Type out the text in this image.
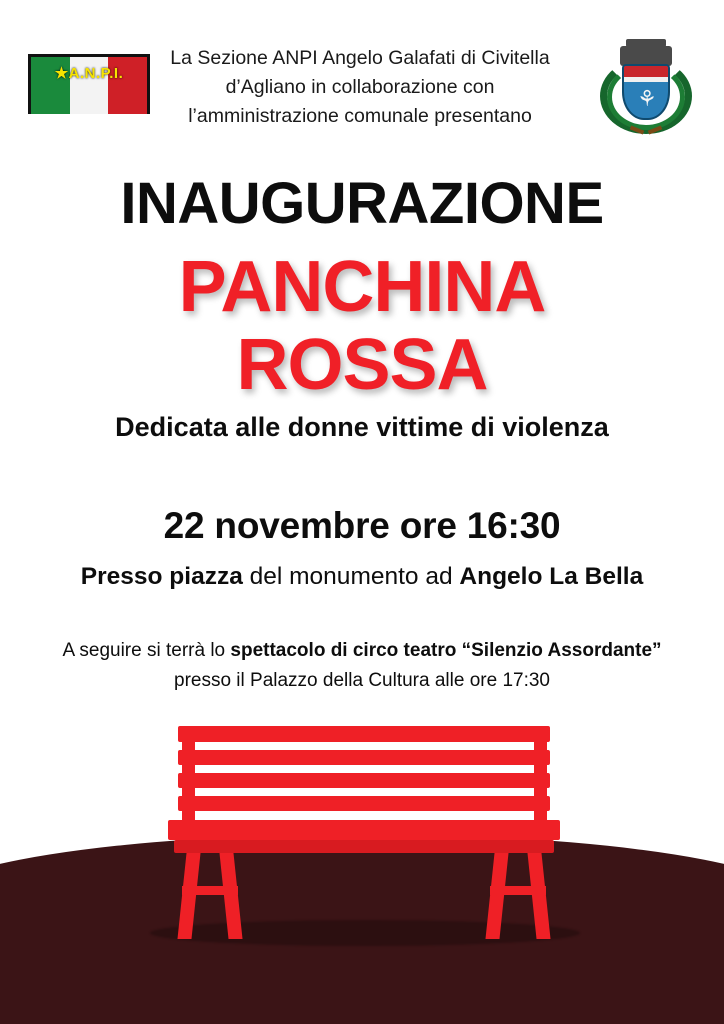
★A.N.P.I.
La Sezione ANPI Angelo Galafati di Civitella d’Agliano in collaborazione con l’amministrazione comunale presentano
⚘
INAUGURAZIONE
PANCHINA
ROSSA
Dedicata alle donne vittime di violenza
22 novembre ore 16:30
Presso piazza del monumento ad Angelo La Bella
A seguire si terrà lo spettacolo di circo teatro “Silenzio Assordante”
presso il Palazzo della Cultura alle ore 17:30
